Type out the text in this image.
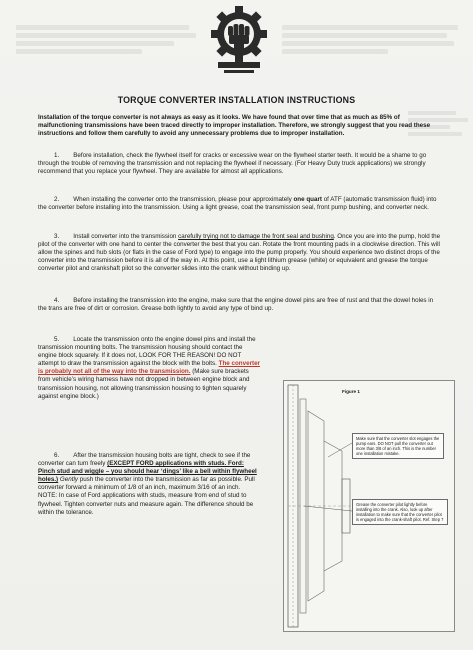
TORQUE CONVERTER INSTALLATION INSTRUCTIONS
Installation of the torque converter is not always as easy as it looks. We have found that over time that as much as 85% of malfunctioning transmissions have been traced directly to improper installation. Therefore, we strongly suggest that you read these instructions and follow them carefully to avoid any unnecessary problems due to improper installation.
1. Before installation, check the flywheel itself for cracks or excessive wear on the flywheel starter teeth. It would be a shame to go through the trouble of removing the transmission and not replacing the flywheel if necessary. (For Heavy Duty truck applications) we strongly recommend that you replace your flywheel. They are available for almost all applications.
2. When installing the converter onto the transmission, please pour approximately one quart of ATF (automatic transmission fluid) into the converter before installing into the transmission. Using a light grease, coat the transmission seal, front pump bushing, and converter neck.
3. Install converter into the transmission carefully trying not to damage the front seal and bushing. Once you are into the pump, hold the pilot of the converter with one hand to center the converter the best that you can. Rotate the front mounting pads in a clockwise direction. This will allow the spines and hub slots (or flats in the case of Ford type) to engage into the pump properly. You should experience two distinct drops of the converter into the transmission before it is all of the way in. At this point, use a light lithium grease (white) or equivalent and grease the torque converter pilot and crankshaft pilot so the converter slides into the crank without binding up.
4. Before installing the transmission into the engine, make sure that the engine dowel pins are free of rust and that the dowel holes in the trans are free of dirt or corrosion. Grease both lightly to avoid any type of bind up.
5. Locate the transmission onto the engine dowel pins and install the transmission mounting bolts. The transmission housing should contact the engine block squarely. If it does not, LOOK FOR THE REASON! DO NOT attempt to draw the transmission against the block with the bolts. The converter is probably not all of the way into the transmission. (Make sure brackets from vehicle’s wiring harness have not dropped in between engine block and transmission housing, not allowing transmission housing to tighten squarely against engine block.)
6. After the transmission housing bolts are tight, check to see if the converter can turn freely (EXCEPT FORD applications with studs. Ford: Pinch stud and wiggle – you should hear ‘dings’ like a bell within flywheel holes.) Gently push the converter into the transmission as far as possible. Pull converter forward a minimum of 1/8 of an inch, maximum 3/16 of an inch. NOTE: In case of Ford applications with studs, measure from end of stud to flywheel. Tighten converter nuts and measure again. The difference should be within the tolerance.
Figure 1
Make sure that the converter slot engages the pump ears. DO NOT pull the converter out more than 3/8 of an inch. This is the number one installation mistake.
Grease the converter pilot lightly before installing into the crank. Also, look up after installation to make sure that the converter pilot is engaged into the crank-shaft pilot. Ref. Step 7
